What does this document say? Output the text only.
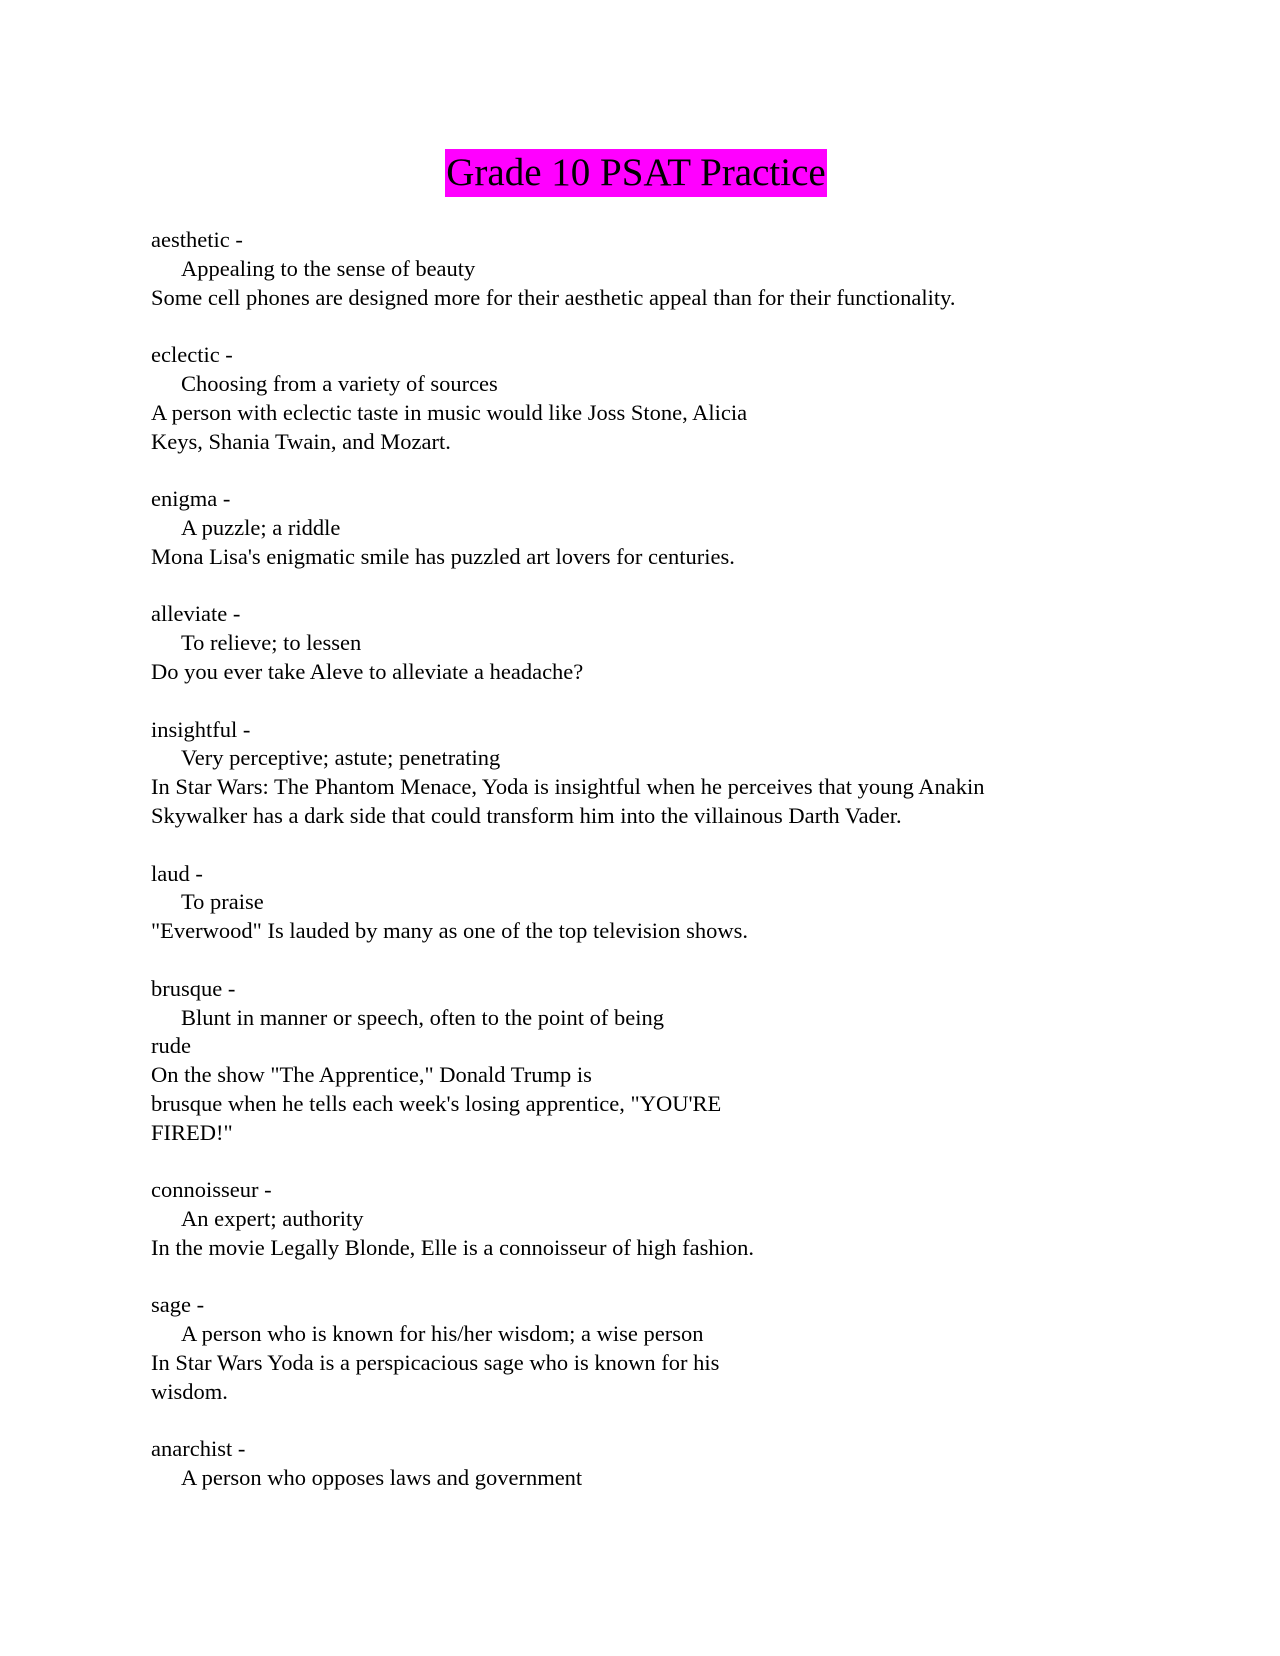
Grade 10 PSAT Practice
aesthetic -
Appealing to the sense of beauty
Some cell phones are designed more for their aesthetic appeal than for their functionality.
eclectic -
Choosing from a variety of sources
A person with eclectic taste in music would like Joss Stone, Alicia
Keys, Shania Twain, and Mozart.
enigma -
A puzzle; a riddle
Mona Lisa's enigmatic smile has puzzled art lovers for centuries.
alleviate -
To relieve; to lessen
Do you ever take Aleve to alleviate a headache?
insightful -
Very perceptive; astute; penetrating
In Star Wars: The Phantom Menace, Yoda is insightful when he perceives that young Anakin
Skywalker has a dark side that could transform him into the villainous Darth Vader.
laud -
To praise
"Everwood" Is lauded by many as one of the top television shows.
brusque -
Blunt in manner or speech, often to the point of being
rude
On the show "The Apprentice," Donald Trump is
brusque when he tells each week's losing apprentice, "YOU'RE
FIRED!"
connoisseur -
An expert; authority
In the movie Legally Blonde, Elle is a connoisseur of high fashion.
sage -
A person who is known for his/her wisdom; a wise person
In Star Wars Yoda is a perspicacious sage who is known for his
wisdom.
anarchist -
A person who opposes laws and government
